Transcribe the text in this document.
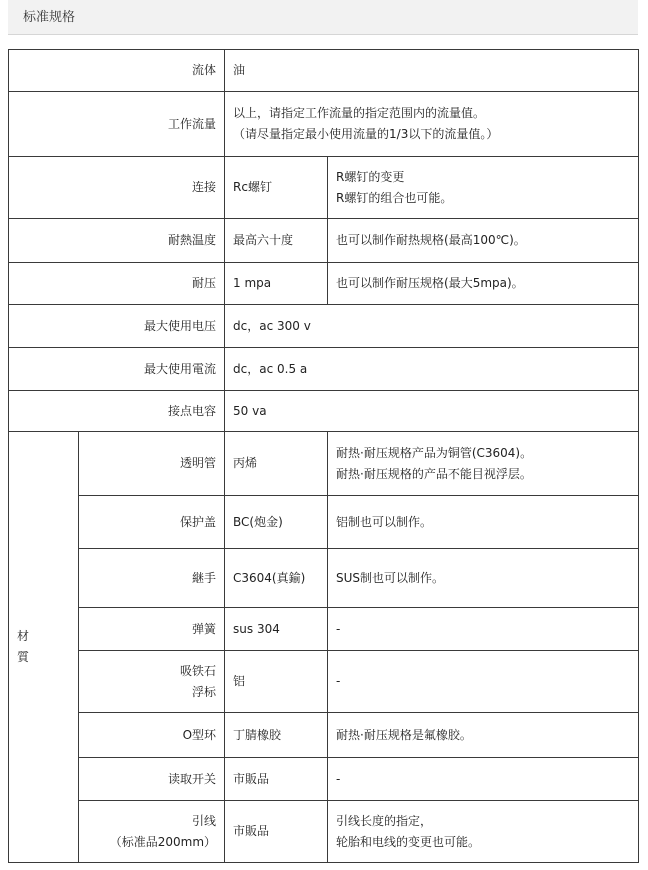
标准规格
流体		油	
工作流量		以上，请指定工作流量的指定范围内的流量值。
（请尽量指定最小使用流量的1/3以下的流量值。）	

连接		Rc螺钉	R螺钉的变更
R螺钉的组合也可能。

耐熱温度		最高六十度	也可以制作耐热规格(最高100℃)。
耐压		1 mpa	也可以制作耐压规格(最大5mpa)。
最大使用电压		dc，ac 300 v	
最大使用電流		dc，ac 0.5 a	
接点电容		50 va	

材
質	透明管	丙烯	耐热·耐压规格产品为铜管(C3604)。
耐热·耐压规格的产品不能目视浮层。

	保护盖	BC(炮金)	铝制也可以制作。
	継手	C3604(真鍮)	SUS制也可以制作。
	弹簧	sus 304	-

	吸铁石
浮标	铝	-
	O型环	丁腈橡胶	耐热·耐压规格是氟橡胶。
	读取开关	市販品	-

	引线
（标准品200mm）	市販品	引线长度的指定，
轮胎和电线的变更也可能。
